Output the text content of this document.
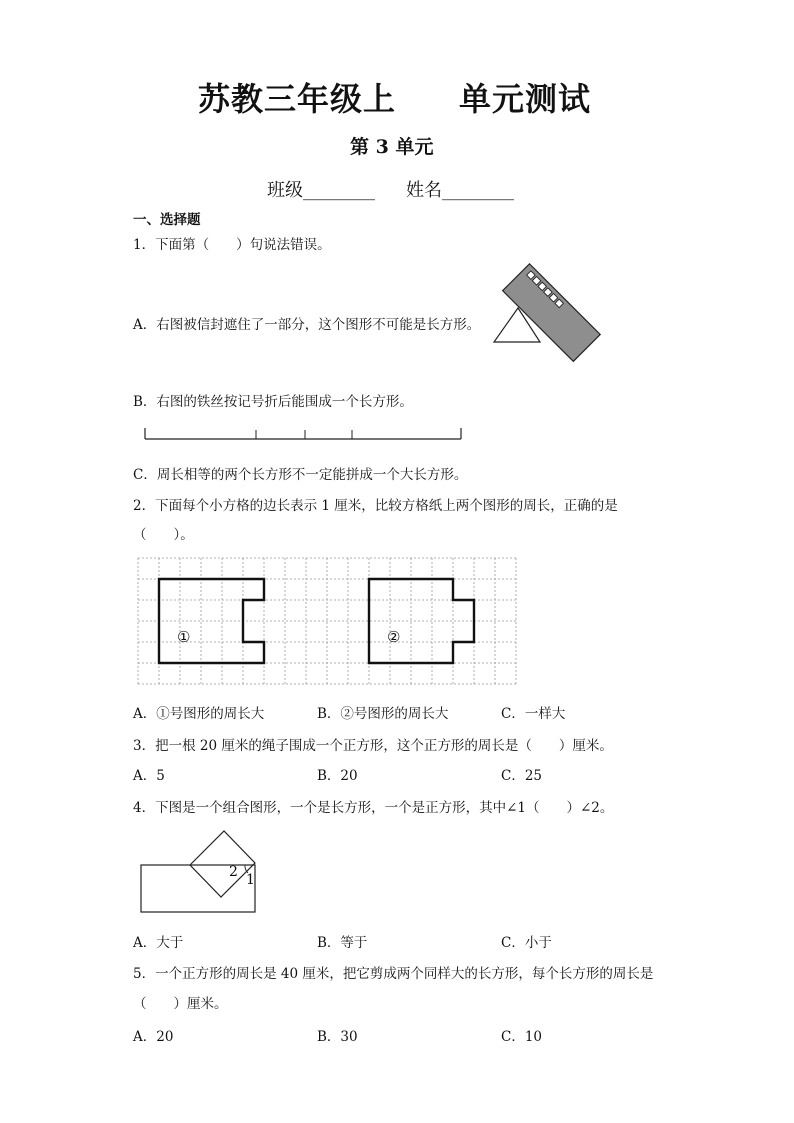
苏教三年级上 单元测试
第 3 单元
班级________ 姓名________
一、选择题
1．下面第（　　）句说法错误。
A．右图被信封遮住了一部分，这个图形不可能是长方形。
B．右图的铁丝按记号折后能围成一个长方形。
C．周长相等的两个长方形不一定能拼成一个大长方形。
2．下面每个小方格的边长表示 1 厘米，比较方格纸上两个图形的周长，正确的是
（　　）。
①	②
A．①号图形的周长大	B．②号图形的周长大	C．一样大
3．把一根 20 厘米的绳子围成一个正方形，这个正方形的周长是（　　）厘米。
A．5	B．20	C．25
4．下图是一个组合图形，一个是长方形，一个是正方形，其中∠1（　　）∠2。
2 1
A．大于	B．等于	C．小于
5．一个正方形的周长是 40 厘米，把它剪成两个同样大的长方形，每个长方形的周长是
（　　）厘米。
A．20	B．30	C．10
